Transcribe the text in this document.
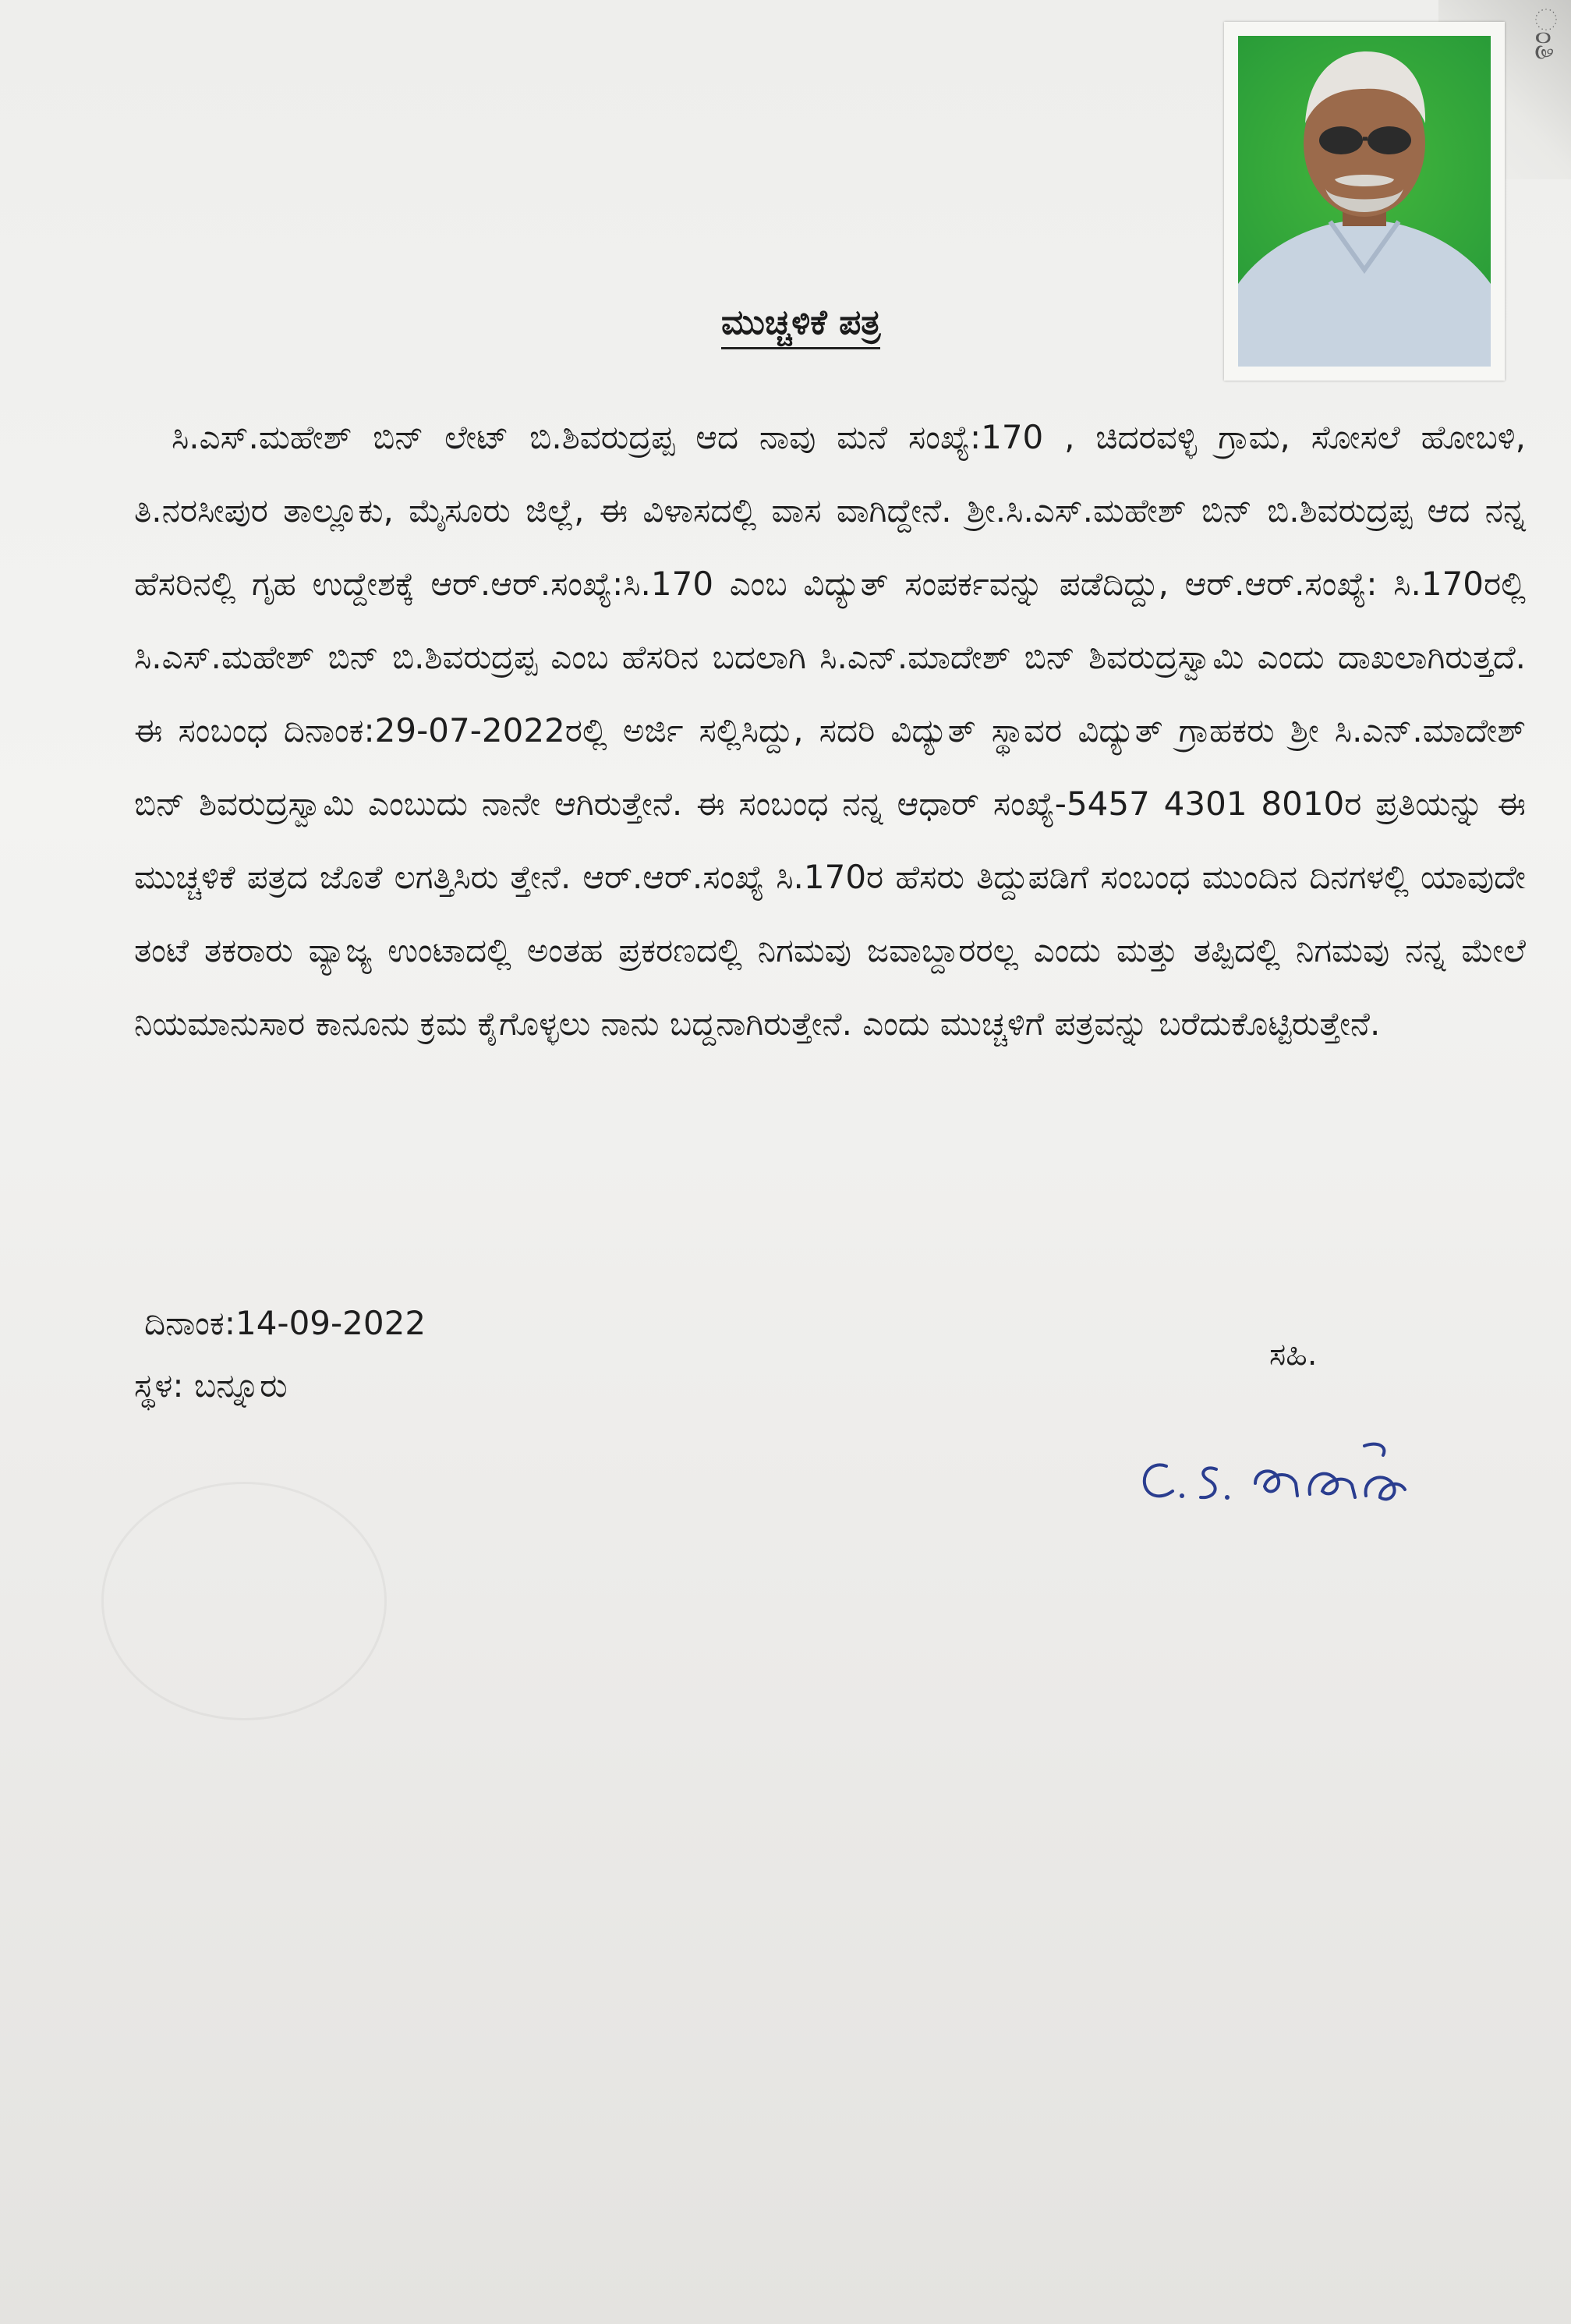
ಂತಿ
ಮುಚ್ಚಳಿಕೆ ಪತ್ರ

ಸಿ.ಎಸ್.ಮಹೇಶ್ ಬಿನ್ ಲೇಟ್ ಬಿ.ಶಿವರುದ್ರಪ್ಪ ಆದ ನಾವು ಮನೆ ಸಂಖ್ಯೆ:170 , ಚಿದರವಳ್ಳಿ ಗ್ರಾಮ, ಸೋಸಲೆ ಹೋಬಳಿ, ತಿ.ನರಸೀಪುರ ತಾಲ್ಲೂಕು, ಮೈಸೂರು ಜಿಲ್ಲೆ, ಈ ವಿಳಾಸದಲ್ಲಿ ವಾಸ ವಾಗಿದ್ದೇನೆ. ಶ್ರೀ.ಸಿ.ಎಸ್.ಮಹೇಶ್ ಬಿನ್ ಬಿ.ಶಿವರುದ್ರಪ್ಪ ಆದ ನನ್ನ ಹೆಸರಿನಲ್ಲಿ ಗೃಹ ಉದ್ದೇಶಕ್ಕೆ ಆರ್.ಆರ್.ಸಂಖ್ಯೆ:ಸಿ.170 ಎಂಬ ವಿದ್ಯುತ್ ಸಂಪರ್ಕವನ್ನು ಪಡೆದಿದ್ದು, ಆರ್.ಆರ್.ಸಂಖ್ಯೆ: ಸಿ.170ರಲ್ಲಿ ಸಿ.ಎಸ್.ಮಹೇಶ್ ಬಿನ್ ಬಿ.ಶಿವರುದ್ರಪ್ಪ ಎಂಬ ಹೆಸರಿನ ಬದಲಾಗಿ ಸಿ.ಎನ್.ಮಾದೇಶ್ ಬಿನ್ ಶಿವರುದ್ರಸ್ವಾಮಿ ಎಂದು ದಾಖಲಾಗಿರುತ್ತದೆ. ಈ ಸಂಬಂಧ ದಿನಾಂಕ:29-07-2022ರಲ್ಲಿ ಅರ್ಜಿ ಸಲ್ಲಿಸಿದ್ದು, ಸದರಿ ವಿದ್ಯುತ್ ಸ್ಥಾವರ ವಿದ್ಯುತ್ ಗ್ರಾಹಕರು ಶ್ರೀ ಸಿ.ಎನ್.ಮಾದೇಶ್ ಬಿನ್ ಶಿವರುದ್ರಸ್ವಾಮಿ ಎಂಬುದು ನಾನೇ ಆಗಿರುತ್ತೇನೆ. ಈ ಸಂಬಂಧ ನನ್ನ ಆಧಾರ್ ಸಂಖ್ಯೆ-5457 4301 8010ರ ಪ್ರತಿಯನ್ನು ಈ ಮುಚ್ಚಳಿಕೆ ಪತ್ರದ ಜೊತೆ ಲಗತ್ತಿಸಿರು ತ್ತೇನೆ. ಆರ್.ಆರ್.ಸಂಖ್ಯೆ ಸಿ.170ರ ಹೆಸರು ತಿದ್ದುಪಡಿಗೆ ಸಂಬಂಧ ಮುಂದಿನ ದಿನಗಳಲ್ಲಿ ಯಾವುದೇ ತಂಟೆ ತಕರಾರು ವ್ಯಾಜ್ಯ ಉಂಟಾದಲ್ಲಿ ಅಂತಹ ಪ್ರಕರಣದಲ್ಲಿ ನಿಗಮವು ಜವಾಬ್ದಾರರಲ್ಲ ಎಂದು ಮತ್ತು ತಪ್ಪಿದಲ್ಲಿ ನಿಗಮವು ನನ್ನ ಮೇಲೆ ನಿಯಮಾನುಸಾರ ಕಾನೂನು ಕ್ರಮ ಕೈಗೊಳ್ಳಲು ನಾನು ಬದ್ದನಾಗಿರುತ್ತೇನೆ. ಎಂದು ಮುಚ್ಚಳಿಗೆ ಪತ್ರವನ್ನು ಬರೆದುಕೊಟ್ಟಿರುತ್ತೇನೆ.

ದಿನಾಂಕ:14-09-2022
ಸ್ಥಳ: ಬನ್ನೂರು
ಸಹಿ.
